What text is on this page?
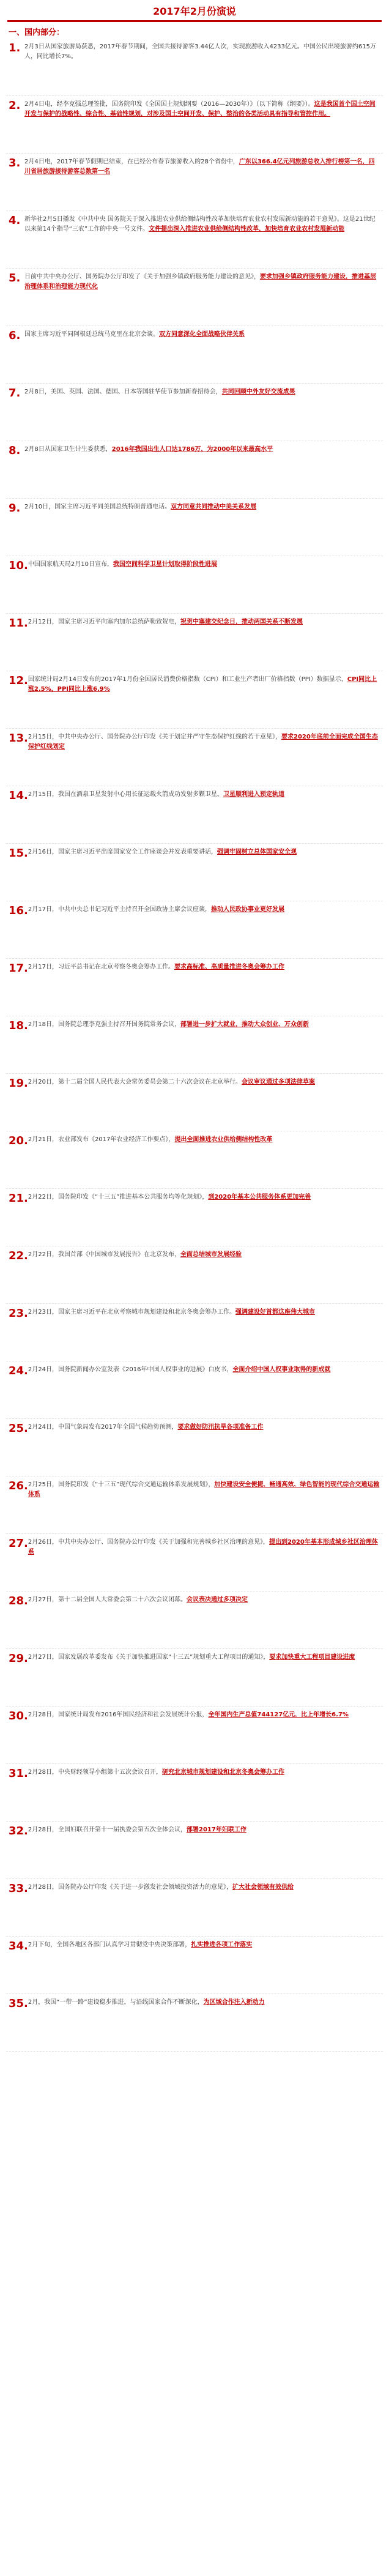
2017年2月份演说
一、国内部分：
1. 2月3日从国家旅游局获悉，2017年春节期间，全国共接待游客3.44亿人次，实现旅游收入4233亿元。中国公民出境旅游约615万人，同比增长7%。
2. 2月4日电，经李克强总理签批，国务院印发《全国国土规划纲要（2016—2030年）》（以下简称《纲要》）。这是我国首个国土空间开发与保护的战略性、综合性、基础性规划，对涉及国土空间开发、保护、整治的各类活动具有指导和管控作用。
3. 2月4日电，2017年春节假期已结束，在已经公布春节旅游收入的28个省份中，广东以366.4亿元列旅游总收入排行榜第一名，四川省居旅游接待游客总数第一名
4. 新华社2月5日播发《中共中央 国务院关于深入推进农业供给侧结构性改革加快培育农业农村发展新动能的若干意见》。这是21世纪以来第14个指导“三农”工作的中央一号文件。文件提出深入推进农业供给侧结构性改革，加快培育农业农村发展新动能
5. 日前中共中央办公厅、国务院办公厅印发了《关于加强乡镇政府服务能力建设的意见》，要求加强乡镇政府服务能力建设，推进基层治理体系和治理能力现代化
6. 国家主席习近平同阿根廷总统马克里在北京会谈。双方同意深化全面战略伙伴关系
7. 2月8日，美国、英国、法国、德国、日本等国驻华使节参加新春招待会，共同回顾中外友好交流成果
8. 2月8日从国家卫生计生委获悉，2016年我国出生人口达1786万，为2000年以来最高水平
9. 2月10日，国家主席习近平同美国总统特朗普通电话。双方同意共同推动中美关系发展
10. 中国国家航天局2月10日宣布，我国空间科学卫星计划取得阶段性进展
11. 2月12日，国家主席习近平向塞内加尔总统萨勒致贺电，祝贺中塞建交纪念日，推动两国关系不断发展
12. 国家统计局2月14日发布的2017年1月份全国居民消费价格指数（CPI）和工业生产者出厂价格指数（PPI）数据显示，CPI同比上涨2.5%，PPI同比上涨6.9%
13. 2月15日，中共中央办公厅、国务院办公厅印发《关于划定并严守生态保护红线的若干意见》，要求2020年底前全面完成全国生态保护红线划定
14. 2月15日，我国在酒泉卫星发射中心用长征运载火箭成功发射多颗卫星。卫星顺利进入预定轨道
15. 2月16日，国家主席习近平出席国家安全工作座谈会并发表重要讲话，强调牢固树立总体国家安全观
16. 2月17日，中共中央总书记习近平主持召开全国政协主席会议座谈，推动人民政协事业更好发展
17. 2月17日，习近平总书记在北京考察冬奥会筹办工作。要求高标准、高质量推进冬奥会筹办工作
18. 2月18日，国务院总理李克强主持召开国务院常务会议，部署进一步扩大就业，推动大众创业、万众创新
19. 2月20日，第十二届全国人民代表大会常务委员会第二十六次会议在北京举行。会议审议通过多项法律草案
20. 2月21日，农业部发布《2017年农业经济工作要点》，提出全面推进农业供给侧结构性改革
21. 2月22日，国务院印发《“十三五”推进基本公共服务均等化规划》，到2020年基本公共服务体系更加完善
22. 2月22日，我国首部《中国城市发展报告》在北京发布，全面总结城市发展经验
23. 2月23日，国家主席习近平在北京考察城市规划建设和北京冬奥会筹办工作。强调建设好首都这座伟大城市
24. 2月24日，国务院新闻办公室发表《2016年中国人权事业的进展》白皮书，全面介绍中国人权事业取得的新成就
25. 2月24日，中国气象局发布2017年全国气候趋势预测，要求做好防汛抗旱各项准备工作
26. 2月25日，国务院印发《“十三五”现代综合交通运输体系发展规划》，加快建设安全便捷、畅通高效、绿色智能的现代综合交通运输体系
27. 2月26日，中共中央办公厅、国务院办公厅印发《关于加强和完善城乡社区治理的意见》，提出到2020年基本形成城乡社区治理体系
28. 2月27日，第十二届全国人大常委会第二十六次会议闭幕。会议表决通过多项决定
29. 2月27日，国家发展改革委发布《关于加快推进国家“十三五”规划重大工程项目的通知》，要求加快重大工程项目建设进度
30. 2月28日，国家统计局发布2016年国民经济和社会发展统计公报，全年国内生产总值744127亿元，比上年增长6.7%
31. 2月28日，中央财经领导小组第十五次会议召开，研究北京城市规划建设和北京冬奥会筹办工作
32. 2月28日，全国妇联召开第十一届执委会第五次全体会议，部署2017年妇联工作
33. 2月28日，国务院办公厅印发《关于进一步激发社会领域投资活力的意见》，扩大社会领域有效供给
34. 2月下旬，全国各地区各部门认真学习贯彻党中央决策部署，扎实推进各项工作落实
35. 2月，我国“一带一路”建设稳步推进，与沿线国家合作不断深化，为区域合作注入新动力
